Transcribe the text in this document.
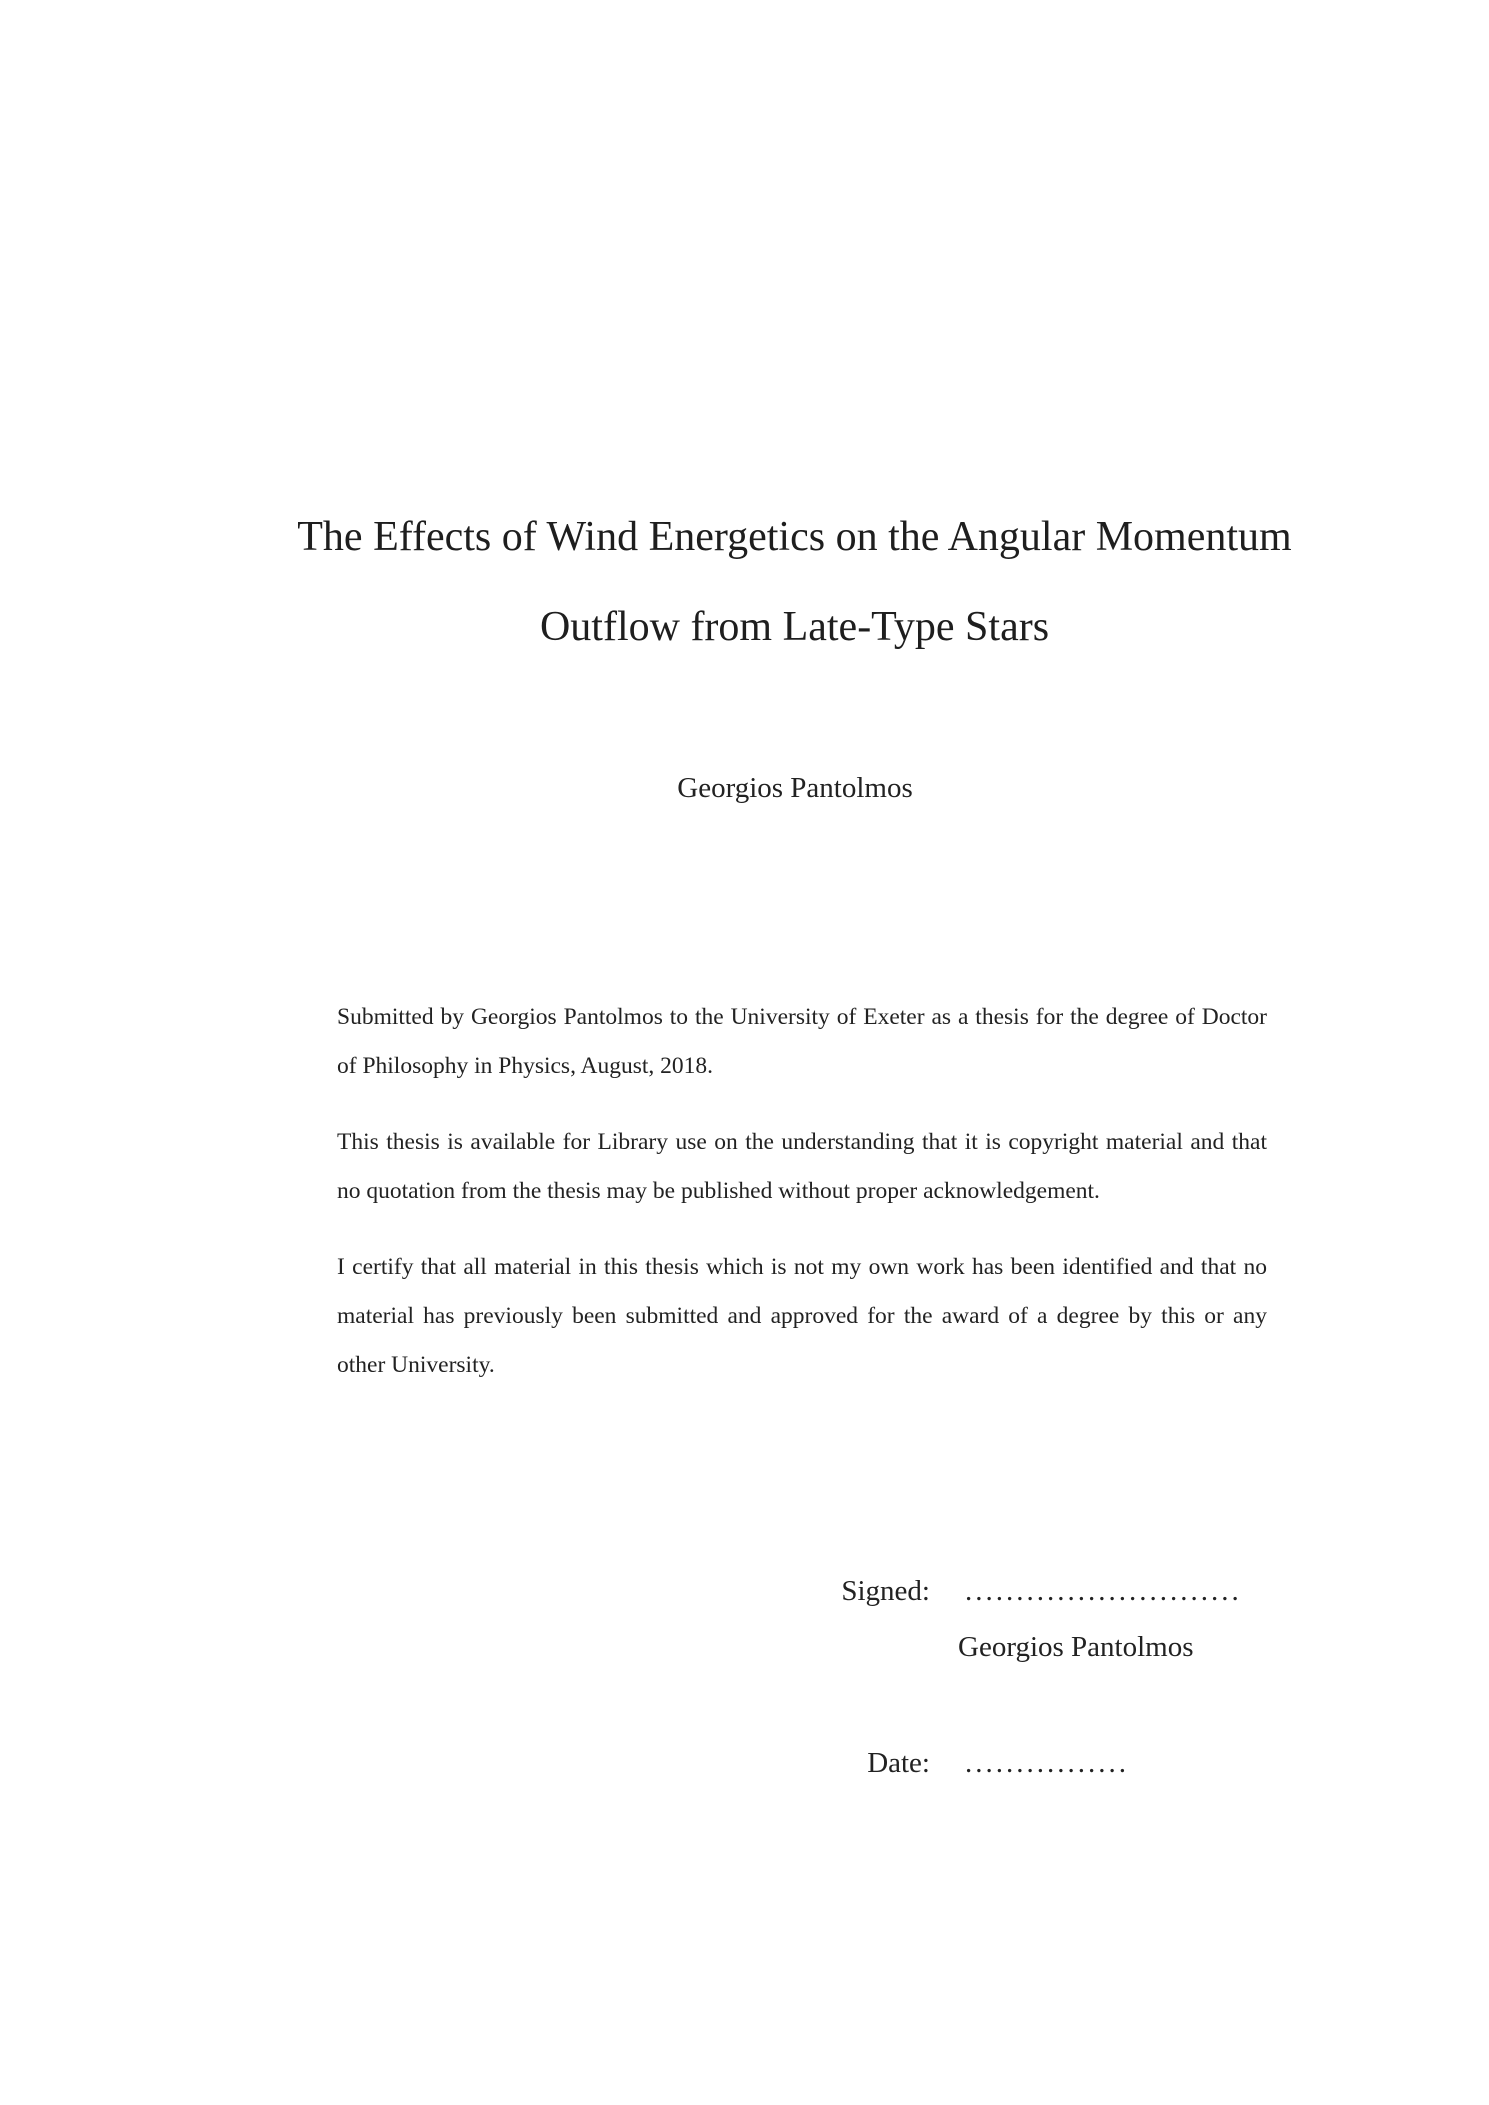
The Effects of Wind Energetics on the Angular Momentum
Outflow from Late-Type Stars
Georgios Pantolmos

Submitted by Georgios Pantolmos to the University of Exeter as a thesis for the degree of Doctor of Philosophy in Physics, August, 2018.

This thesis is available for Library use on the understanding that it is copyright material and that no quotation from the thesis may be published without proper acknowledgement.

I certify that all material in this thesis which is not my own work has been identified and that no material has previously been submitted and approved for the award of a degree by this or any other University.

Signed: ...........................
Georgios Pantolmos
Date: ................
